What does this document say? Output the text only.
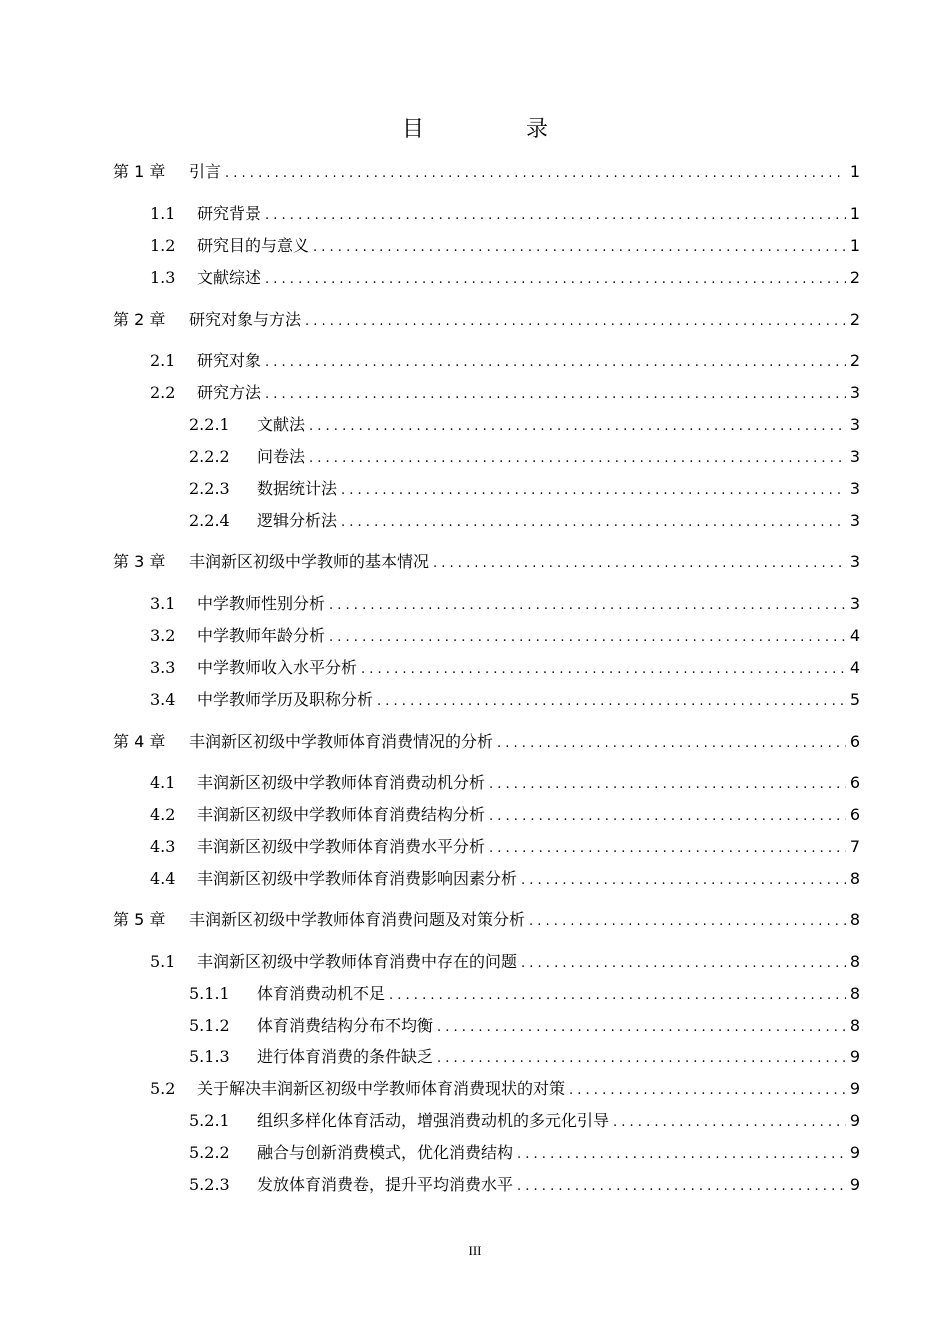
目　录
第 1 章	引言 . . .	1
1.1	研究背景 . . .	1
1.2	研究目的与意义 . . .	1
1.3	文献综述 . . .	2
第 2 章	研究对象与方法 . . .	2
2.1	研究对象 . . .	2
2.2	研究方法 . . .	3
2.2.1	文献法 . . .	3
2.2.2	问卷法 . . .	3
2.2.3	数据统计法 . . .	3
2.2.4	逻辑分析法 . . .	3
第 3 章	丰润新区初级中学教师的基本情况 . . .	3
3.1	中学教师性别分析 . . .	3
3.2	中学教师年龄分析 . . .	4
3.3	中学教师收入水平分析 . . .	4
3.4	中学教师学历及职称分析 . . .	5
第 4 章	丰润新区初级中学教师体育消费情况的分析 . . .	6
4.1	丰润新区初级中学教师体育消费动机分析 . . .	6
4.2	丰润新区初级中学教师体育消费结构分析 . . .	6
4.3	丰润新区初级中学教师体育消费水平分析 . . .	7
4.4	丰润新区初级中学教师体育消费影响因素分析 . . .	8
第 5 章	丰润新区初级中学教师体育消费问题及对策分析 . . .	8
5.1	丰润新区初级中学教师体育消费中存在的问题 . . .	8
5.1.1	体育消费动机不足 . . .	8
5.1.2	体育消费结构分布不均衡 . . .	8
5.1.3	进行体育消费的条件缺乏 . . .	9
5.2	关于解决丰润新区初级中学教师体育消费现状的对策 . . .	9
5.2.1	组织多样化体育活动，增强消费动机的多元化引导 . . .	9
5.2.2	融合与创新消费模式，优化消费结构 . . .	9
5.2.3	发放体育消费卷，提升平均消费水平 . . .	9
III
